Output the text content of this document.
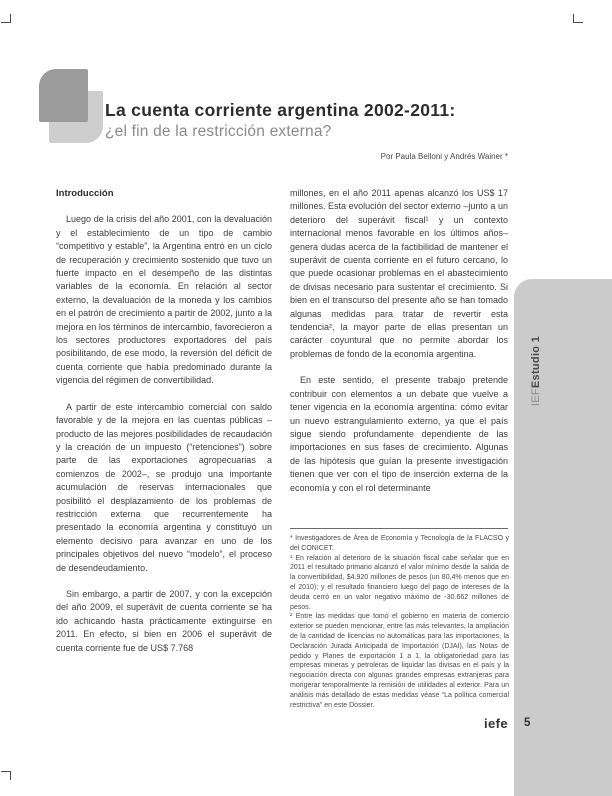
IEFEstudio 1
La cuenta corriente argentina 2002-2011:
¿el fin de la restricción externa?
Por Paula Belloni y Andrés Wainer *
Introducción

Luego de la crisis del año 2001, con la devaluación y el establecimiento de un tipo de cambio “competitivo y estable”, la Argentina entró en un ciclo de recuperación y crecimiento sostenido que tuvo un fuerte impacto en el desempeño de las distintas variables de la economía. En relación al sector externo, la devaluación de la moneda y los cambios en el patrón de crecimiento a partir de 2002, junto a la mejora en los términos de intercambio, favorecieron a los sectores productores exportadores del país posibilitando, de ese modo, la reversión del déficit de cuenta corriente que había predominado durante la vigencia del régimen de convertibilidad.

A partir de este intercambio comercial con saldo favorable y de la mejora en las cuentas públicas –producto de las mejores posibilidades de recaudación y la creación de un impuesto (“retenciones”) sobre parte de las exportaciones agropecuarias a comienzos de 2002–, se produjo una importante acumulación de reservas internacionales que posibilitó el desplazamiento de los problemas de restricción externa que recurrentemente ha presentado la economía argentina y constituyó un elemento decisivo para avanzar en uno de los principales objetivos del nuevo “modelo”, el proceso de desendeudamiento.

Sin embargo, a partir de 2007, y con la excepción del año 2009, el superávit de cuenta corriente se ha ido achicando hasta prácticamente extinguirse en 2011. En efecto, si bien en 2006 el superávit de cuenta corriente fue de US$ 7.768

millones, en el año 2011 apenas alcanzó los US$ 17 millones. Esta evolución del sector externo –junto a un deterioro del superávit fiscal¹ y un contexto internacional menos favorable en los últimos años– genera dudas acerca de la factibilidad de mantener el superávit de cuenta corriente en el futuro cercano, lo que puede ocasionar problemas en el abastecimiento de divisas necesario para sustentar el crecimiento. Si bien en el transcurso del presente año se han tomado algunas medidas para tratar de revertir esta tendencia², la mayor parte de ellas presentan un carácter coyuntural que no permite abordar los problemas de fondo de la economía argentina.

En este sentido, el presente trabajo pretende contribuir con elementos a un debate que vuelve a tener vigencia en la economía argentina: cómo evitar un nuevo estrangulamiento externo, ya que el país sigue siendo profundamente dependiente de las importaciones en sus fases de crecimiento. Algunas de las hipótesis que guían la presente investigación tienen que ver con el tipo de inserción externa de la economía y con el rol determinante

* Investigadores de Área de Economía y Tecnología de la FLACSO y del CONICET.

¹ En relación al deterioro de la situación fiscal cabe señalar que en 2011 el resultado primario alcanzó el valor mínimo desde la salida de la convertibilidad, $4.920 millones de pesos (un 80,4% menos que en el 2010); y el resultado financiero luego del pago de intereses de la deuda cerró en un valor negativo máximo de -30.662 millones de pesos.

² Entre las medidas que tomó el gobierno en materia de comercio exterior se pueden mencionar, entre las más relevantes, la ampliación de la cantidad de licencias no automáticas para las importaciones, la Declaración Jurada Anticipada de Importación (DJAI), las Notas de pedido y Planes de exportación 1 a 1, la obligatoriedad para las empresas mineras y petroleras de liquidar las divisas en el país y la negociación directa con algunas grandes empresas extranjeras para morigerar temporalmente la remisión de utilidades al exterior. Para un análisis más detallado de estas medidas véase “La política comercial restrictiva” en este Dossier.

iefe 5
